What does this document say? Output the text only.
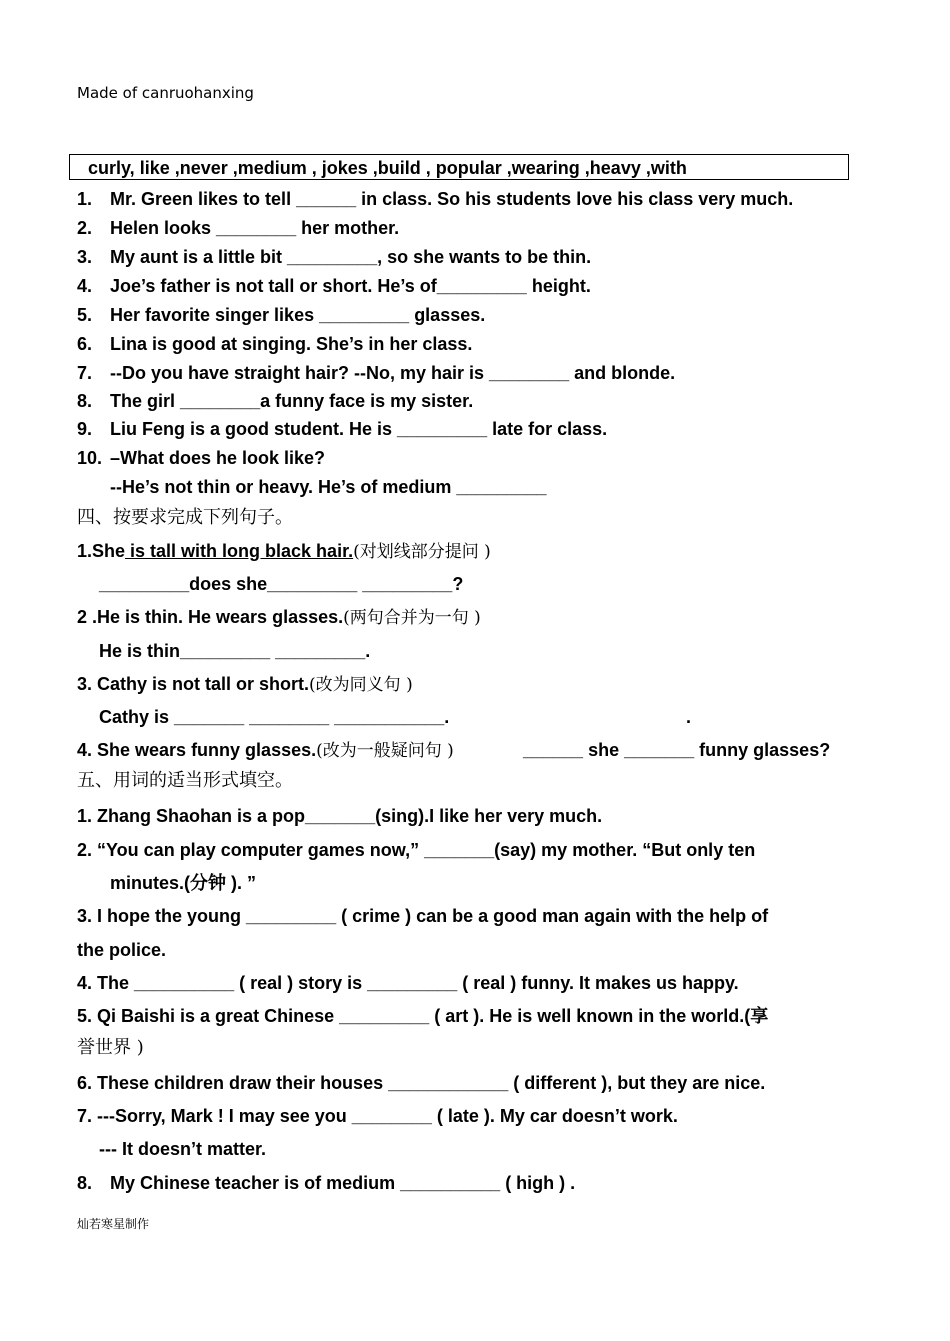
Made of canruohanxing
curly, like ,never ,medium , jokes ,build , popular ,wearing ,heavy ,with
1. Mr. Green likes to tell ______ in class. So his students love his class very much.
2. Helen looks ________ her mother.
3. My aunt is a little bit _________, so she wants to be thin.
4. Joe’s father is not tall or short. He’s of_________ height.
5. Her favorite singer likes _________ glasses.
6. Lina is good at singing. She’s in her class.
7. --Do you have straight hair? --No, my hair is ________ and blonde.
8. The girl ________a funny face is my sister.
9. Liu Feng is a good student. He is _________ late for class.
10. –What does he look like?
--He’s not thin or heavy. He’s of medium _________
四、按要求完成下列句子。
1.She is tall with long black hair.(对划线部分提问 )
_________does she_________ _________?
2 .He is thin. He wears glasses.(两句合并为一句 )
He is thin_________ _________.
3. Cathy is not tall or short.(改为同义句 )
Cathy is _______ ________ ___________.	.
4. She wears funny glasses.(改为一般疑问句 )	______ she _______ funny glasses?
五、用词的适当形式填空。
1. Zhang Shaohan is a pop_______(sing).I like her very much.
2. “You can play computer games now,” _______(say) my mother. “But only ten
minutes.(分钟 ). ”
3. I hope the young _________ ( crime ) can be a good man again with the help of
the police.
4. The __________ ( real ) story is _________ ( real ) funny. It makes us happy.
5. Qi Baishi is a great Chinese _________ ( art ). He is well known in the world.(享
誉世界 )
6. These children draw their houses ____________ ( different ), but they are nice.
7. ---Sorry, Mark ! I may see you ________ ( late ). My car doesn’t work.
--- It doesn’t matter.
8. My Chinese teacher is of medium __________ ( high ) .
灿若寒星制作
